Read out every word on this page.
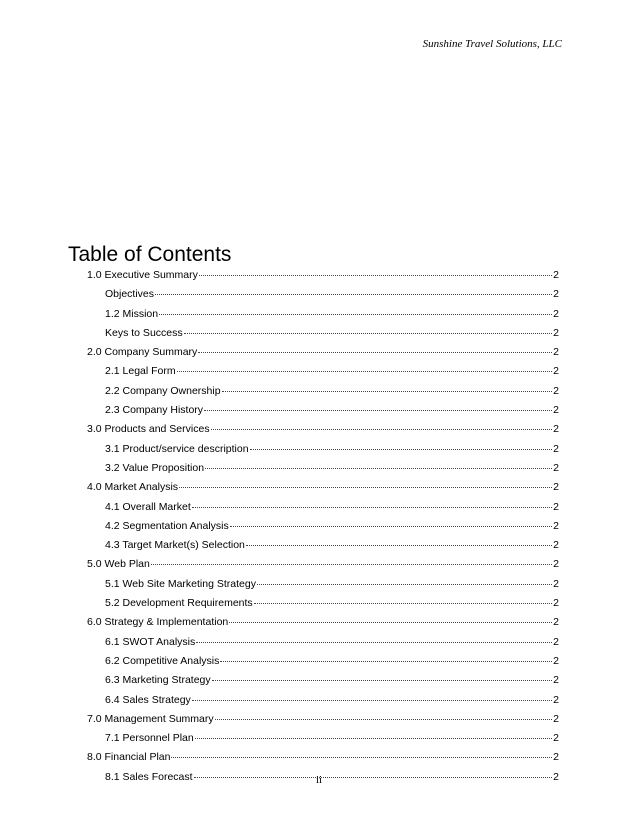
Sunshine Travel Solutions, LLC
Table of Contents
1.0 Executive Summary	2
Objectives	2
1.2 Mission	2
Keys to Success	2
2.0 Company Summary	2
2.1 Legal Form	2
2.2 Company Ownership	2
2.3 Company History	2
3.0 Products and Services	2
3.1 Product/service description	2
3.2 Value Proposition	2
4.0 Market Analysis	2
4.1 Overall Market	2
4.2 Segmentation Analysis	2
4.3 Target Market(s) Selection	2
5.0 Web Plan	2
5.1 Web Site Marketing Strategy	2
5.2 Development Requirements	2
6.0 Strategy & Implementation	2
6.1 SWOT Analysis	2
6.2 Competitive Analysis	2
6.3 Marketing Strategy	2
6.4 Sales Strategy	2
7.0 Management Summary	2
7.1 Personnel Plan	2
8.0 Financial Plan	2
8.1 Sales Forecast	2
ii
